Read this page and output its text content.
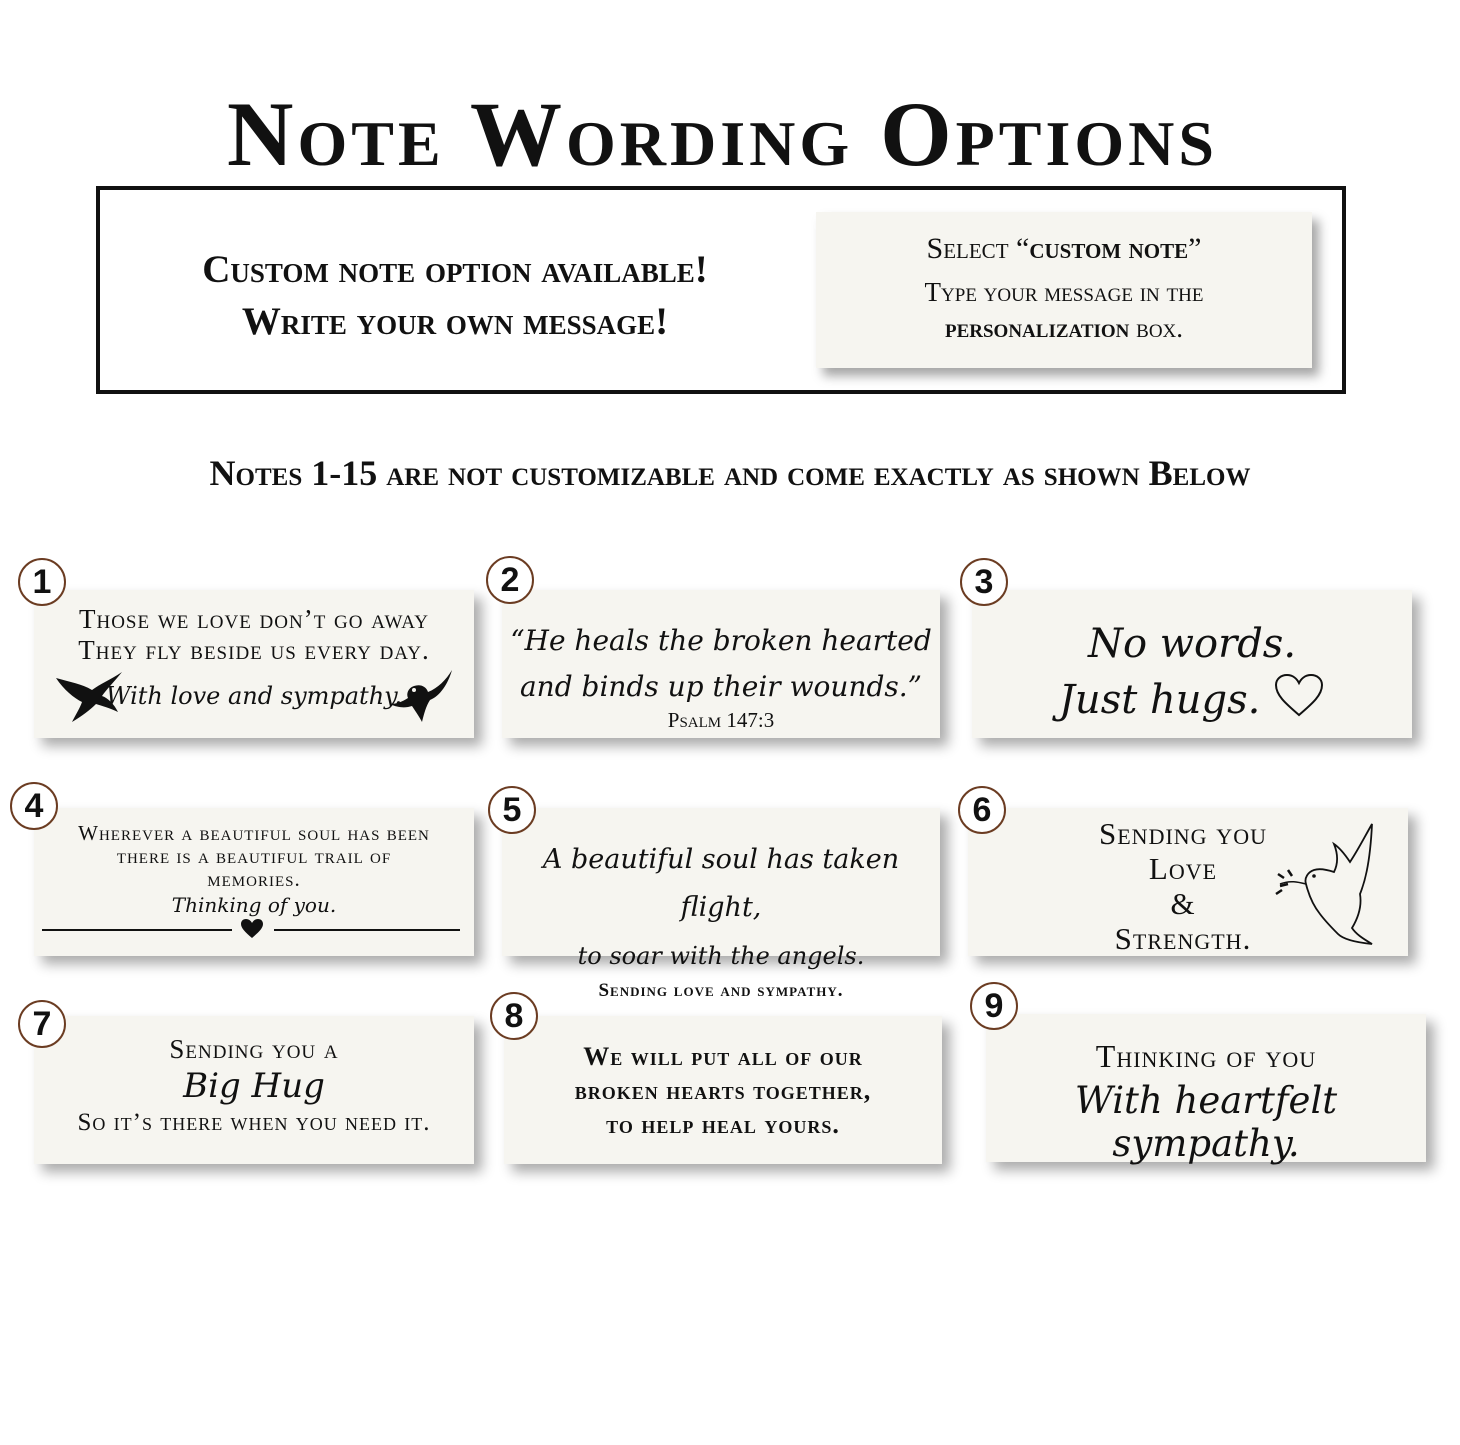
Note Wording Options
Custom note option available!
Write your own message!
Select “custom note”
Type your message in the
personalization box.
Notes 1-15 are not customizable and come exactly as shown Below
Those we love don’t go away
They fly beside us every day.
With love and sympathy.
1
“He heals the broken hearted
and binds up their wounds.”
Psalm 147:3
2
No words.
Just hugs.
3
Wherever a beautiful soul has been
there is a beautiful trail of
memories.
Thinking of you.
4
A beautiful soul has taken flight,
to soar with the angels.
Sending love and sympathy.
5
Sending you
Love
&
Strength.
6
Sending you a
Big Hug
So it’s there when you need it.
7
We will put all of our
broken hearts together,
to help heal yours.
8
Thinking of you
With heartfelt sympathy.
9
